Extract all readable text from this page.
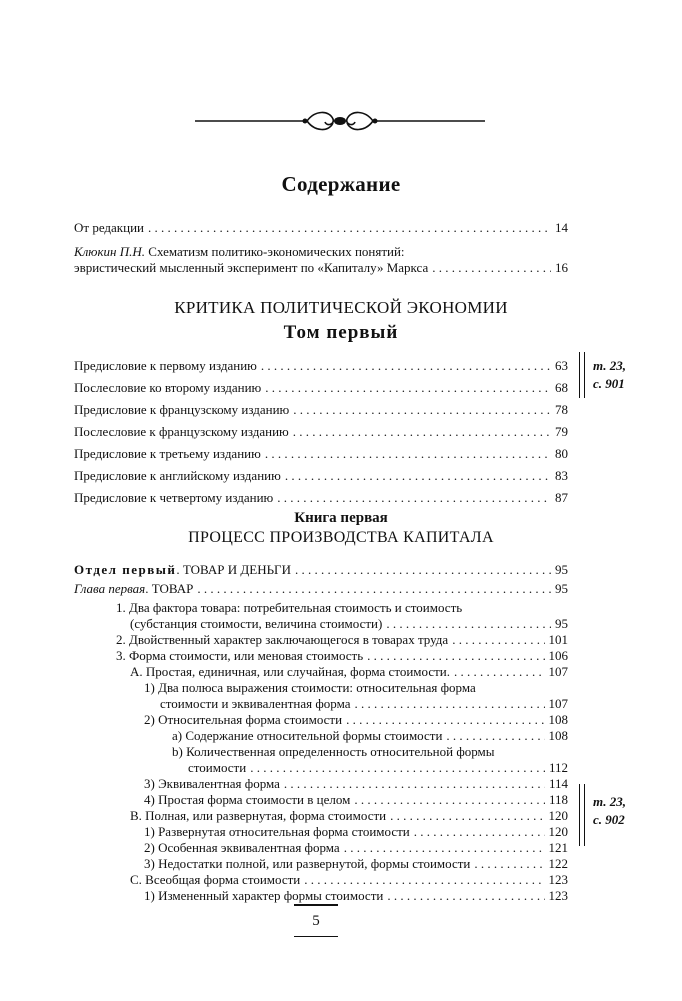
Содержание
От редакции . . .	14
Клюкин П.Н. Схематизм политико-экономических понятий:
эвристический мысленный эксперимент по «Капиталу» Маркса . . .	16
КРИТИКА ПОЛИТИЧЕСКОЙ ЭКОНОМИИ
Том первый
Предисловие к первому изданию . . .	63
Послесловие ко второму изданию . . .	68
Предисловие к французскому изданию . . .	78
Послесловие к французскому изданию . . .	79
Предисловие к третьему изданию . . .	80
Предисловие к английскому изданию . . .	83
Предисловие к четвертому изданию . . .	87
т. 23,
с. 901
Книга первая
ПРОЦЕСС ПРОИЗВОДСТВА КАПИТАЛА
Отдел первый. ТОВАР И ДЕНЬГИ . . .	95
Глава первая. ТОВАР . . .	95
1. Два фактора товара: потребительная стоимость и стоимость
(субстанция стоимости, величина стоимости) . . .	95
2. Двойственный характер заключающегося в товарах труда . . .	101
3. Форма стоимости, или меновая стоимость . . .	106
А. Простая, единичная, или случайная, форма стоимости. . . .	107
1) Два полюса выражения стоимости: относительная форма
стоимости и эквивалентная форма . . .	107
2) Относительная форма стоимости . . .	108
a) Содержание относительной формы стоимости . . .	108
b) Количественная определенность относительной формы
стоимости . . .	112
3) Эквивалентная форма . . .	114
4) Простая форма стоимости в целом . . .	118
В. Полная, или развернутая, форма стоимости . . .	120
1) Развернутая относительная форма стоимости . . .	120
2) Особенная эквивалентная форма . . .	121
3) Недостатки полной, или развернутой, формы стоимости . . .	122
С. Всеобщая форма стоимости . . .	123
1) Измененный характер формы стоимости . . .	123
т. 23,
с. 902
5
